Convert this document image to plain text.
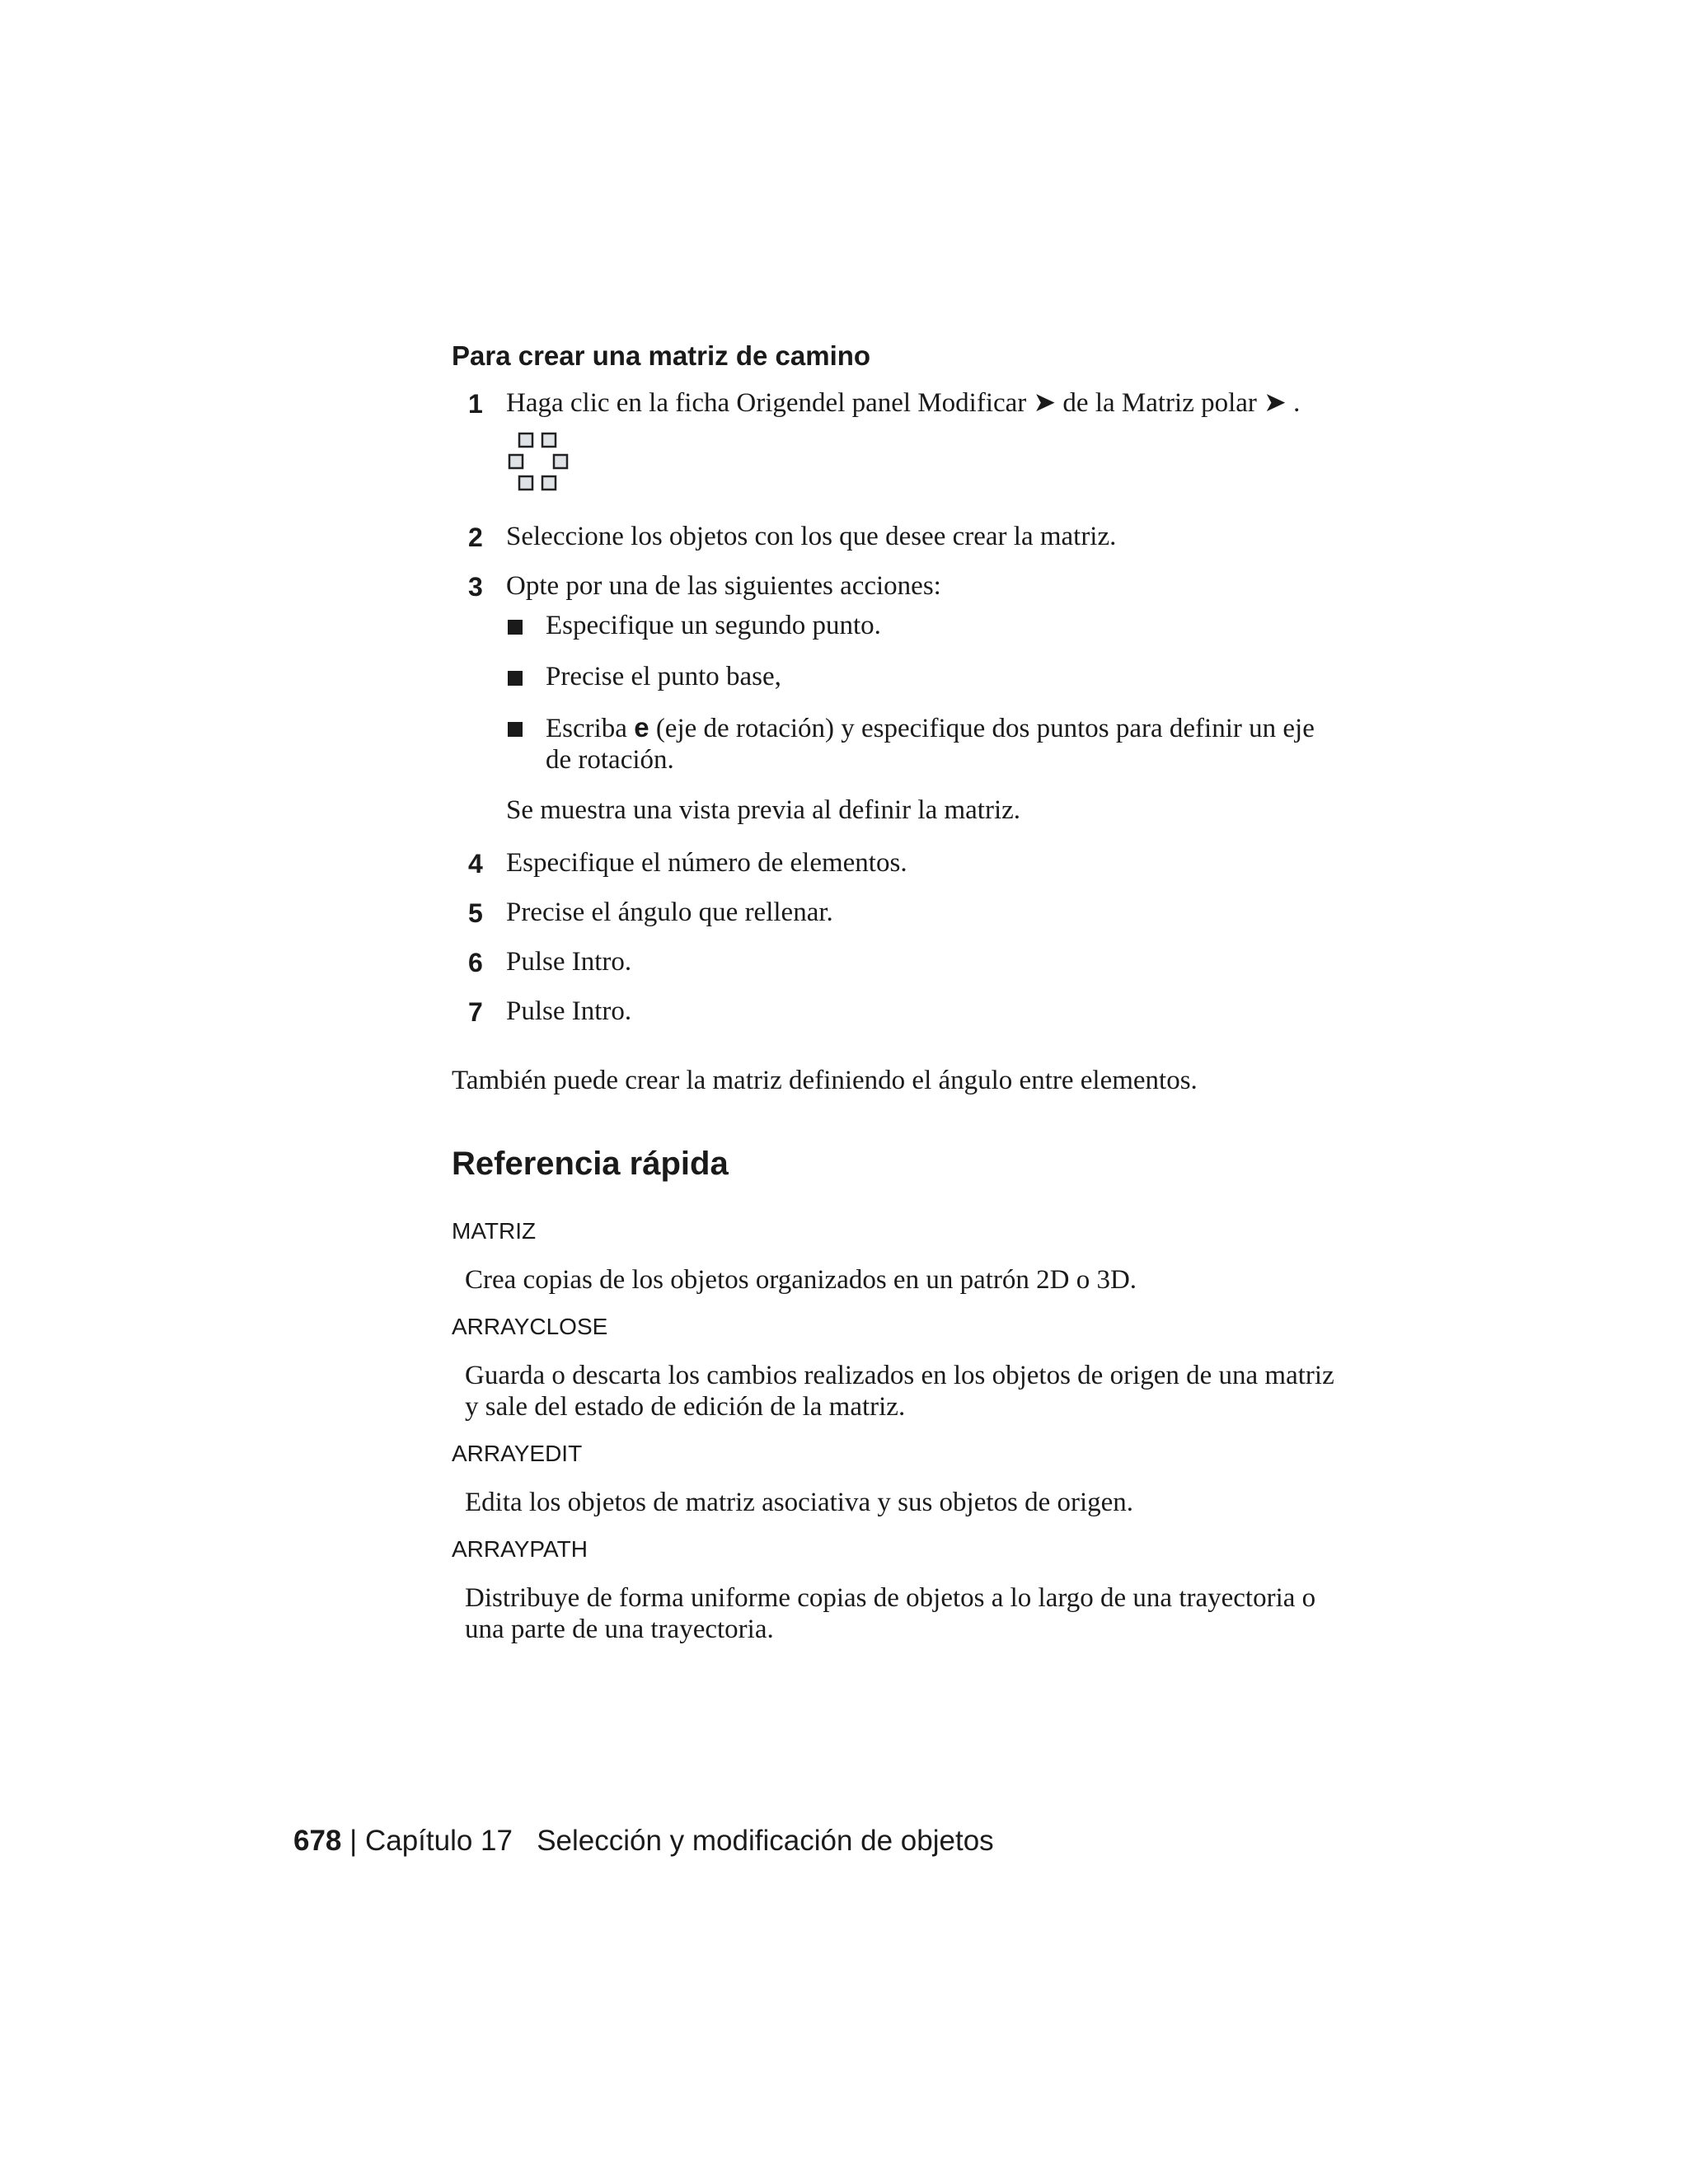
Para crear una matriz de camino
1 Haga clic en la ficha Origendel panel Modificar ➤ de la Matriz polar ➤ .
2 Seleccione los objetos con los que desee crear la matriz.
3 Opte por una de las siguientes acciones:
Especifique un segundo punto.
Precise el punto base,
Escriba e (eje de rotación) y especifique dos puntos para definir un eje de rotación.
Se muestra una vista previa al definir la matriz.
4 Especifique el número de elementos.
5 Precise el ángulo que rellenar.
6 Pulse Intro.
7 Pulse Intro.
También puede crear la matriz definiendo el ángulo entre elementos.
Referencia rápida
MATRIZ
Crea copias de los objetos organizados en un patrón 2D o 3D.
ARRAYCLOSE
Guarda o descarta los cambios realizados en los objetos de origen de una matriz y sale del estado de edición de la matriz.
ARRAYEDIT
Edita los objetos de matriz asociativa y sus objetos de origen.
ARRAYPATH
Distribuye de forma uniforme copias de objetos a lo largo de una trayectoria o una parte de una trayectoria.
678 | Capítulo 17 Selección y modificación de objetos
